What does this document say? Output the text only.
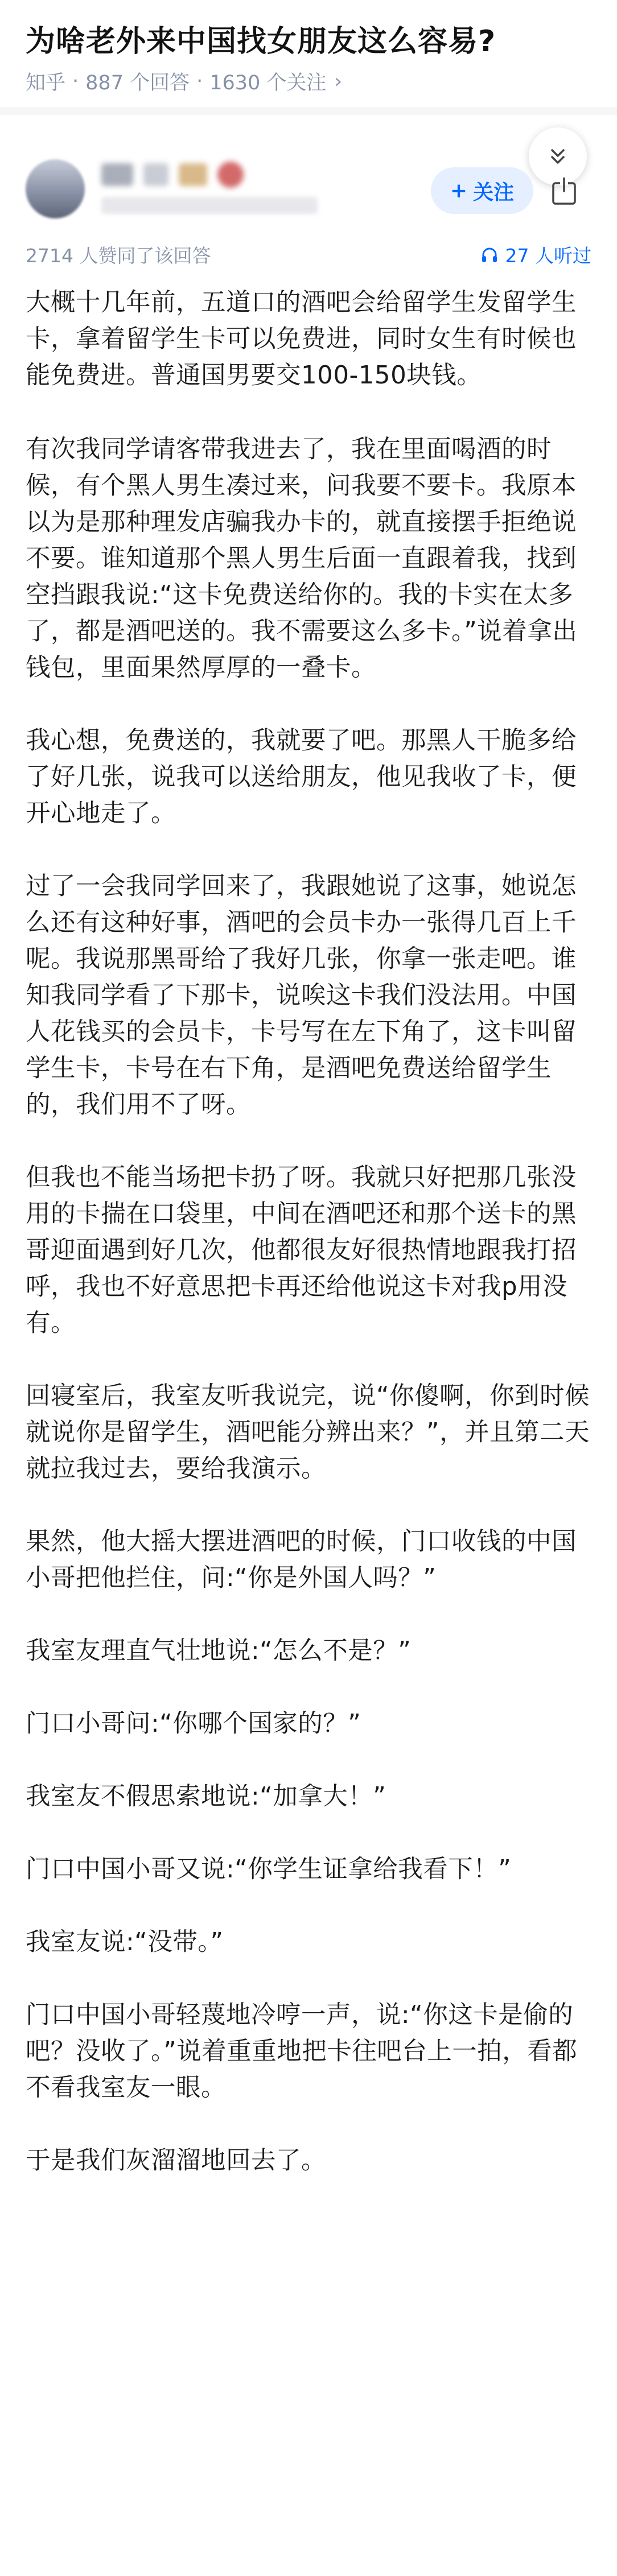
为啥老外来中国找女朋友这么容易?
知乎 · 887 个回答 · 1630 个关注 ›
+ 关注
2714 人赞同了该回答	27 人听过

大概十几年前，五道口的酒吧会给留学生发留学生卡，拿着留学生卡可以免费进，同时女生有时候也能免费进。普通国男要交100-150块钱。

有次我同学请客带我进去了，我在里面喝酒的时候，有个黑人男生凑过来，问我要不要卡。我原本以为是那种理发店骗我办卡的，就直接摆手拒绝说不要。谁知道那个黑人男生后面一直跟着我，找到空挡跟我说:“这卡免费送给你的。我的卡实在太多了，都是酒吧送的。我不需要这么多卡。”说着拿出钱包，里面果然厚厚的一叠卡。

我心想，免费送的，我就要了吧。那黑人干脆多给了好几张，说我可以送给朋友，他见我收了卡，便开心地走了。

过了一会我同学回来了，我跟她说了这事，她说怎么还有这种好事，酒吧的会员卡办一张得几百上千呢。我说那黑哥给了我好几张，你拿一张走吧。谁知我同学看了下那卡，说唉这卡我们没法用。中国人花钱买的会员卡，卡号写在左下角了，这卡叫留学生卡，卡号在右下角，是酒吧免费送给留学生的，我们用不了呀。

但我也不能当场把卡扔了呀。我就只好把那几张没用的卡揣在口袋里，中间在酒吧还和那个送卡的黑哥迎面遇到好几次，他都很友好很热情地跟我打招呼，我也不好意思把卡再还给他说这卡对我p用没有。

回寝室后，我室友听我说完，说“你傻啊，你到时候就说你是留学生，酒吧能分辨出来？”，并且第二天就拉我过去，要给我演示。

果然，他大摇大摆进酒吧的时候，门口收钱的中国小哥把他拦住，问:“你是外国人吗？”

我室友理直气壮地说:“怎么不是？”

门口小哥问:“你哪个国家的？”

我室友不假思索地说:“加拿大！”

门口中国小哥又说:“你学生证拿给我看下！”

我室友说:“没带。”

门口中国小哥轻蔑地冷哼一声，说:“你这卡是偷的吧？没收了。”说着重重地把卡往吧台上一拍，看都不看我室友一眼。

于是我们灰溜溜地回去了。
